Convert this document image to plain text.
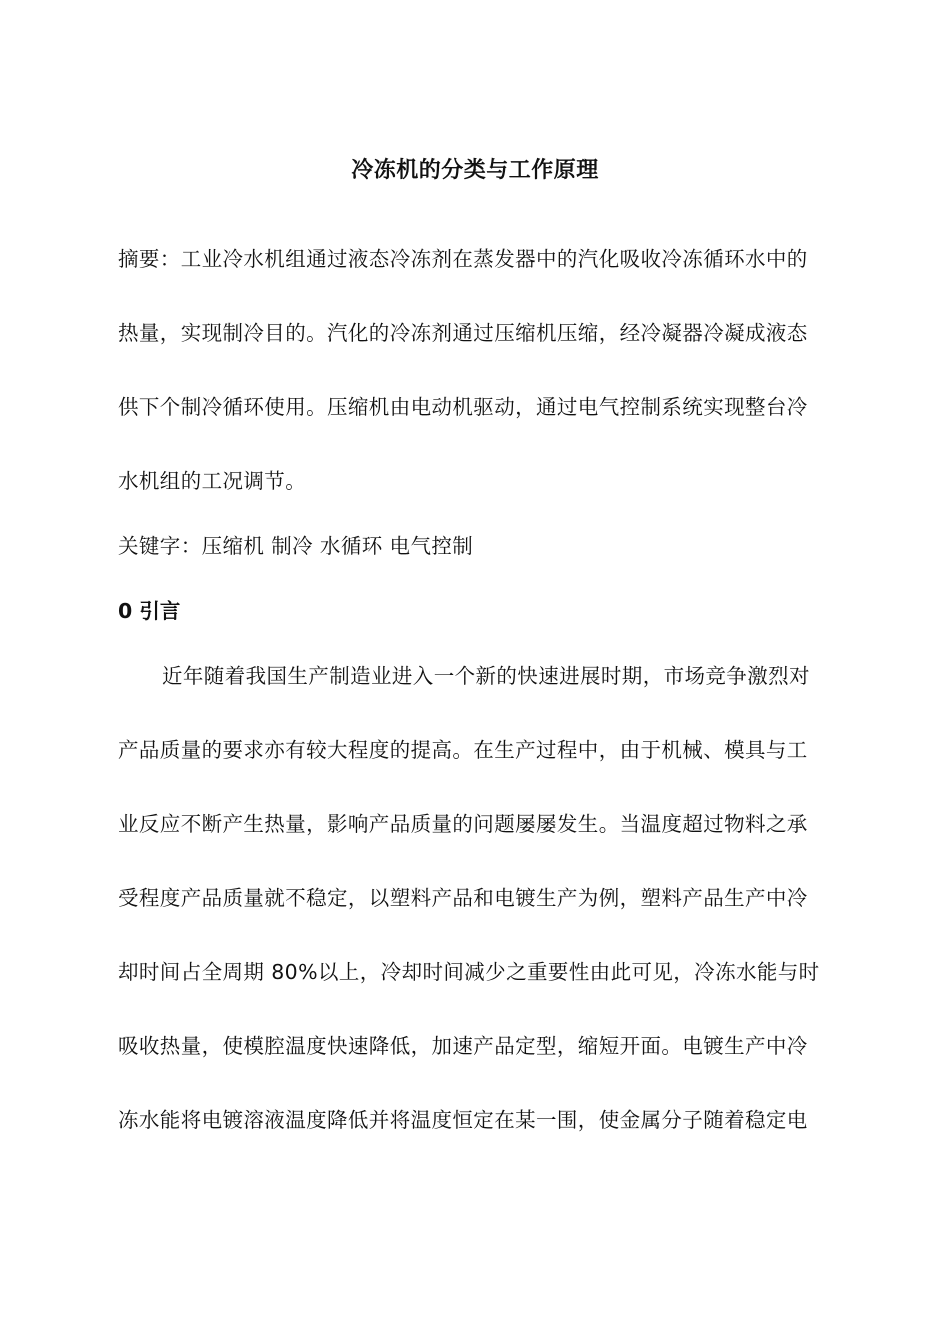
冷冻机的分类与工作原理
摘要：工业冷水机组通过液态冷冻剂在蒸发器中的汽化吸收冷冻循环水中的
热量，实现制冷目的。汽化的冷冻剂通过压缩机压缩，经冷凝器冷凝成液态
供下个制冷循环使用。压缩机由电动机驱动，通过电气控制系统实现整台冷
水机组的工况调节。
关键字：压缩机 制冷 水循环 电气控制
0 引言
近年随着我国生产制造业进入一个新的快速进展时期，市场竞争激烈对
产品质量的要求亦有较大程度的提高。在生产过程中，由于机械、模具与工
业反应不断产生热量，影响产品质量的问题屡屡发生。当温度超过物料之承
受程度产品质量就不稳定，以塑料产品和电镀生产为例，塑料产品生产中冷
却时间占全周期 80%以上，冷却时间减少之重要性由此可见，冷冻水能与时
吸收热量，使模腔温度快速降低，加速产品定型，缩短开面。电镀生产中冷
冻水能将电镀溶液温度降低并将温度恒定在某一围，使金属分子随着稳定电
